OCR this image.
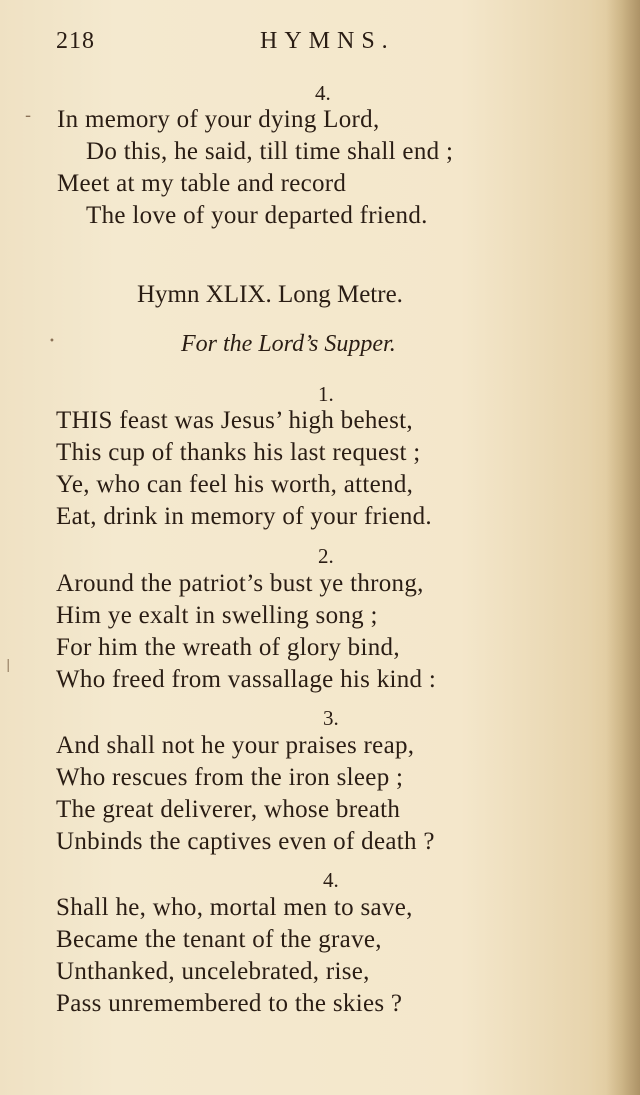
218	HYMNS.
-
•
|
4.
In memory of your dying Lord,
Do this, he said, till time shall end ;
Meet at my table and record
The love of your departed friend.
Hymn XLIX. Long Metre.
For the Lord’s Supper.
1.
THIS feast was Jesus’ high behest,
This cup of thanks his last request ;
Ye, who can feel his worth, attend,
Eat, drink in memory of your friend.
2.
Around the patriot’s bust ye throng,
Him ye exalt in swelling song ;
For him the wreath of glory bind,
Who freed from vassallage his kind :
3.
And shall not he your praises reap,
Who rescues from the iron sleep ;
The great deliverer, whose breath
Unbinds the captives even of death ?
4.
Shall he, who, mortal men to save,
Became the tenant of the grave,
Unthanked, uncelebrated, rise,
Pass unremembered to the skies ?
